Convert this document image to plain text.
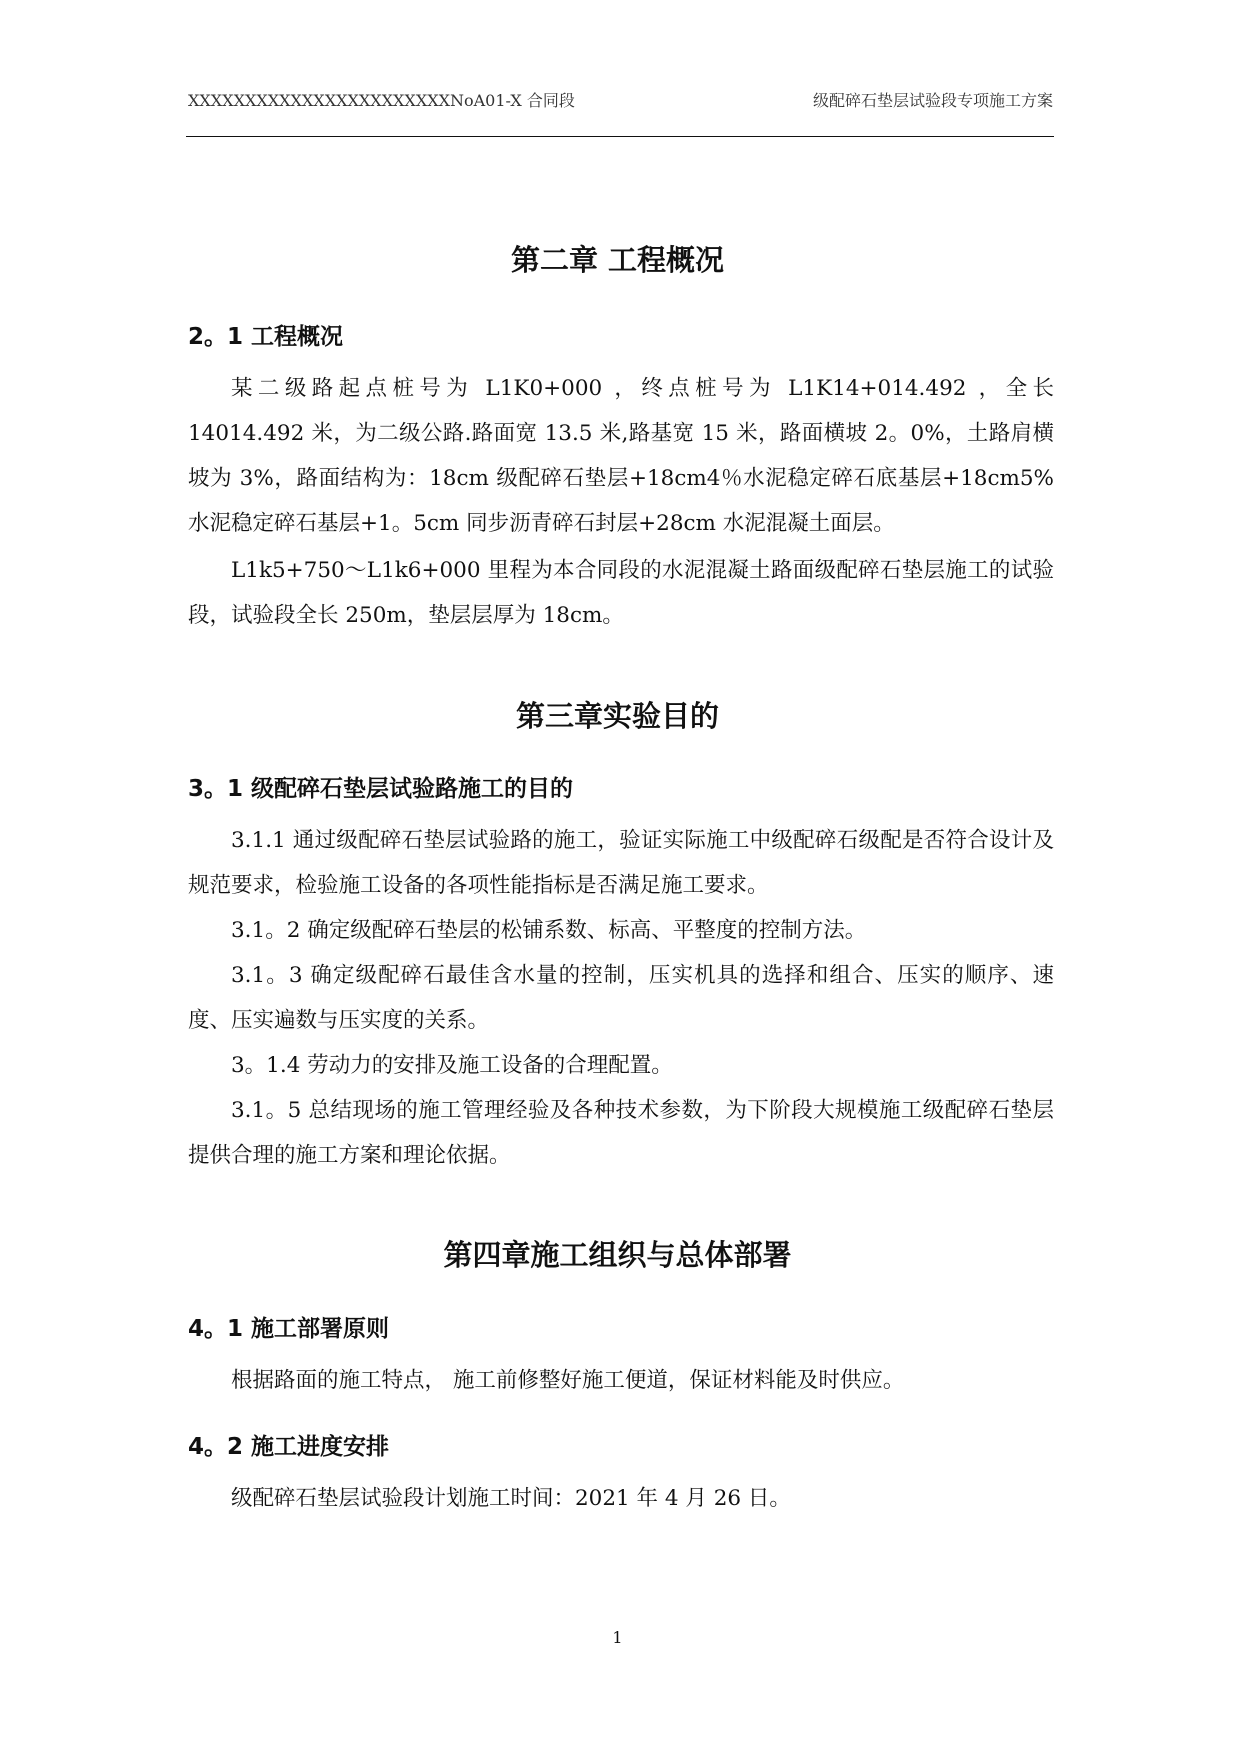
XXXXXXXXXXXXXXXXXXXXXXXNoA01-X 合同段	级配碎石垫层试验段专项施工方案
第二章 工程概况
2。1 工程概况

某二级路起点桩号为 L1K0+000 ，终点桩号为 L1K14+014.492 ，全长14014.492 米，为二级公路.路面宽 13.5 米,路基宽 15 米，路面横坡 2。0%，土路肩横坡为 3%，路面结构为：18cm 级配碎石垫层+18cm4％水泥稳定碎石底基层+18cm5%水泥稳定碎石基层+1。5cm 同步沥青碎石封层+28cm 水泥混凝土面层。

L1k5+750～L1k6+000 里程为本合同段的水泥混凝土路面级配碎石垫层施工的试验段，试验段全长 250m，垫层层厚为 18cm。

第三章实验目的
3。1 级配碎石垫层试验路施工的目的

3.1.1 通过级配碎石垫层试验路的施工，验证实际施工中级配碎石级配是否符合设计及规范要求，检验施工设备的各项性能指标是否满足施工要求。

3.1。2 确定级配碎石垫层的松铺系数、标高、平整度的控制方法。

3.1。3 确定级配碎石最佳含水量的控制，压实机具的选择和组合、压实的顺序、速度、压实遍数与压实度的关系。

3。1.4 劳动力的安排及施工设备的合理配置。

3.1。5 总结现场的施工管理经验及各种技术参数，为下阶段大规模施工级配碎石垫层提供合理的施工方案和理论依据。

第四章施工组织与总体部署
4。1 施工部署原则

根据路面的施工特点， 施工前修整好施工便道，保证材料能及时供应。

4。2 施工进度安排

级配碎石垫层试验段计划施工时间：2021 年 4 月 26 日。

1
